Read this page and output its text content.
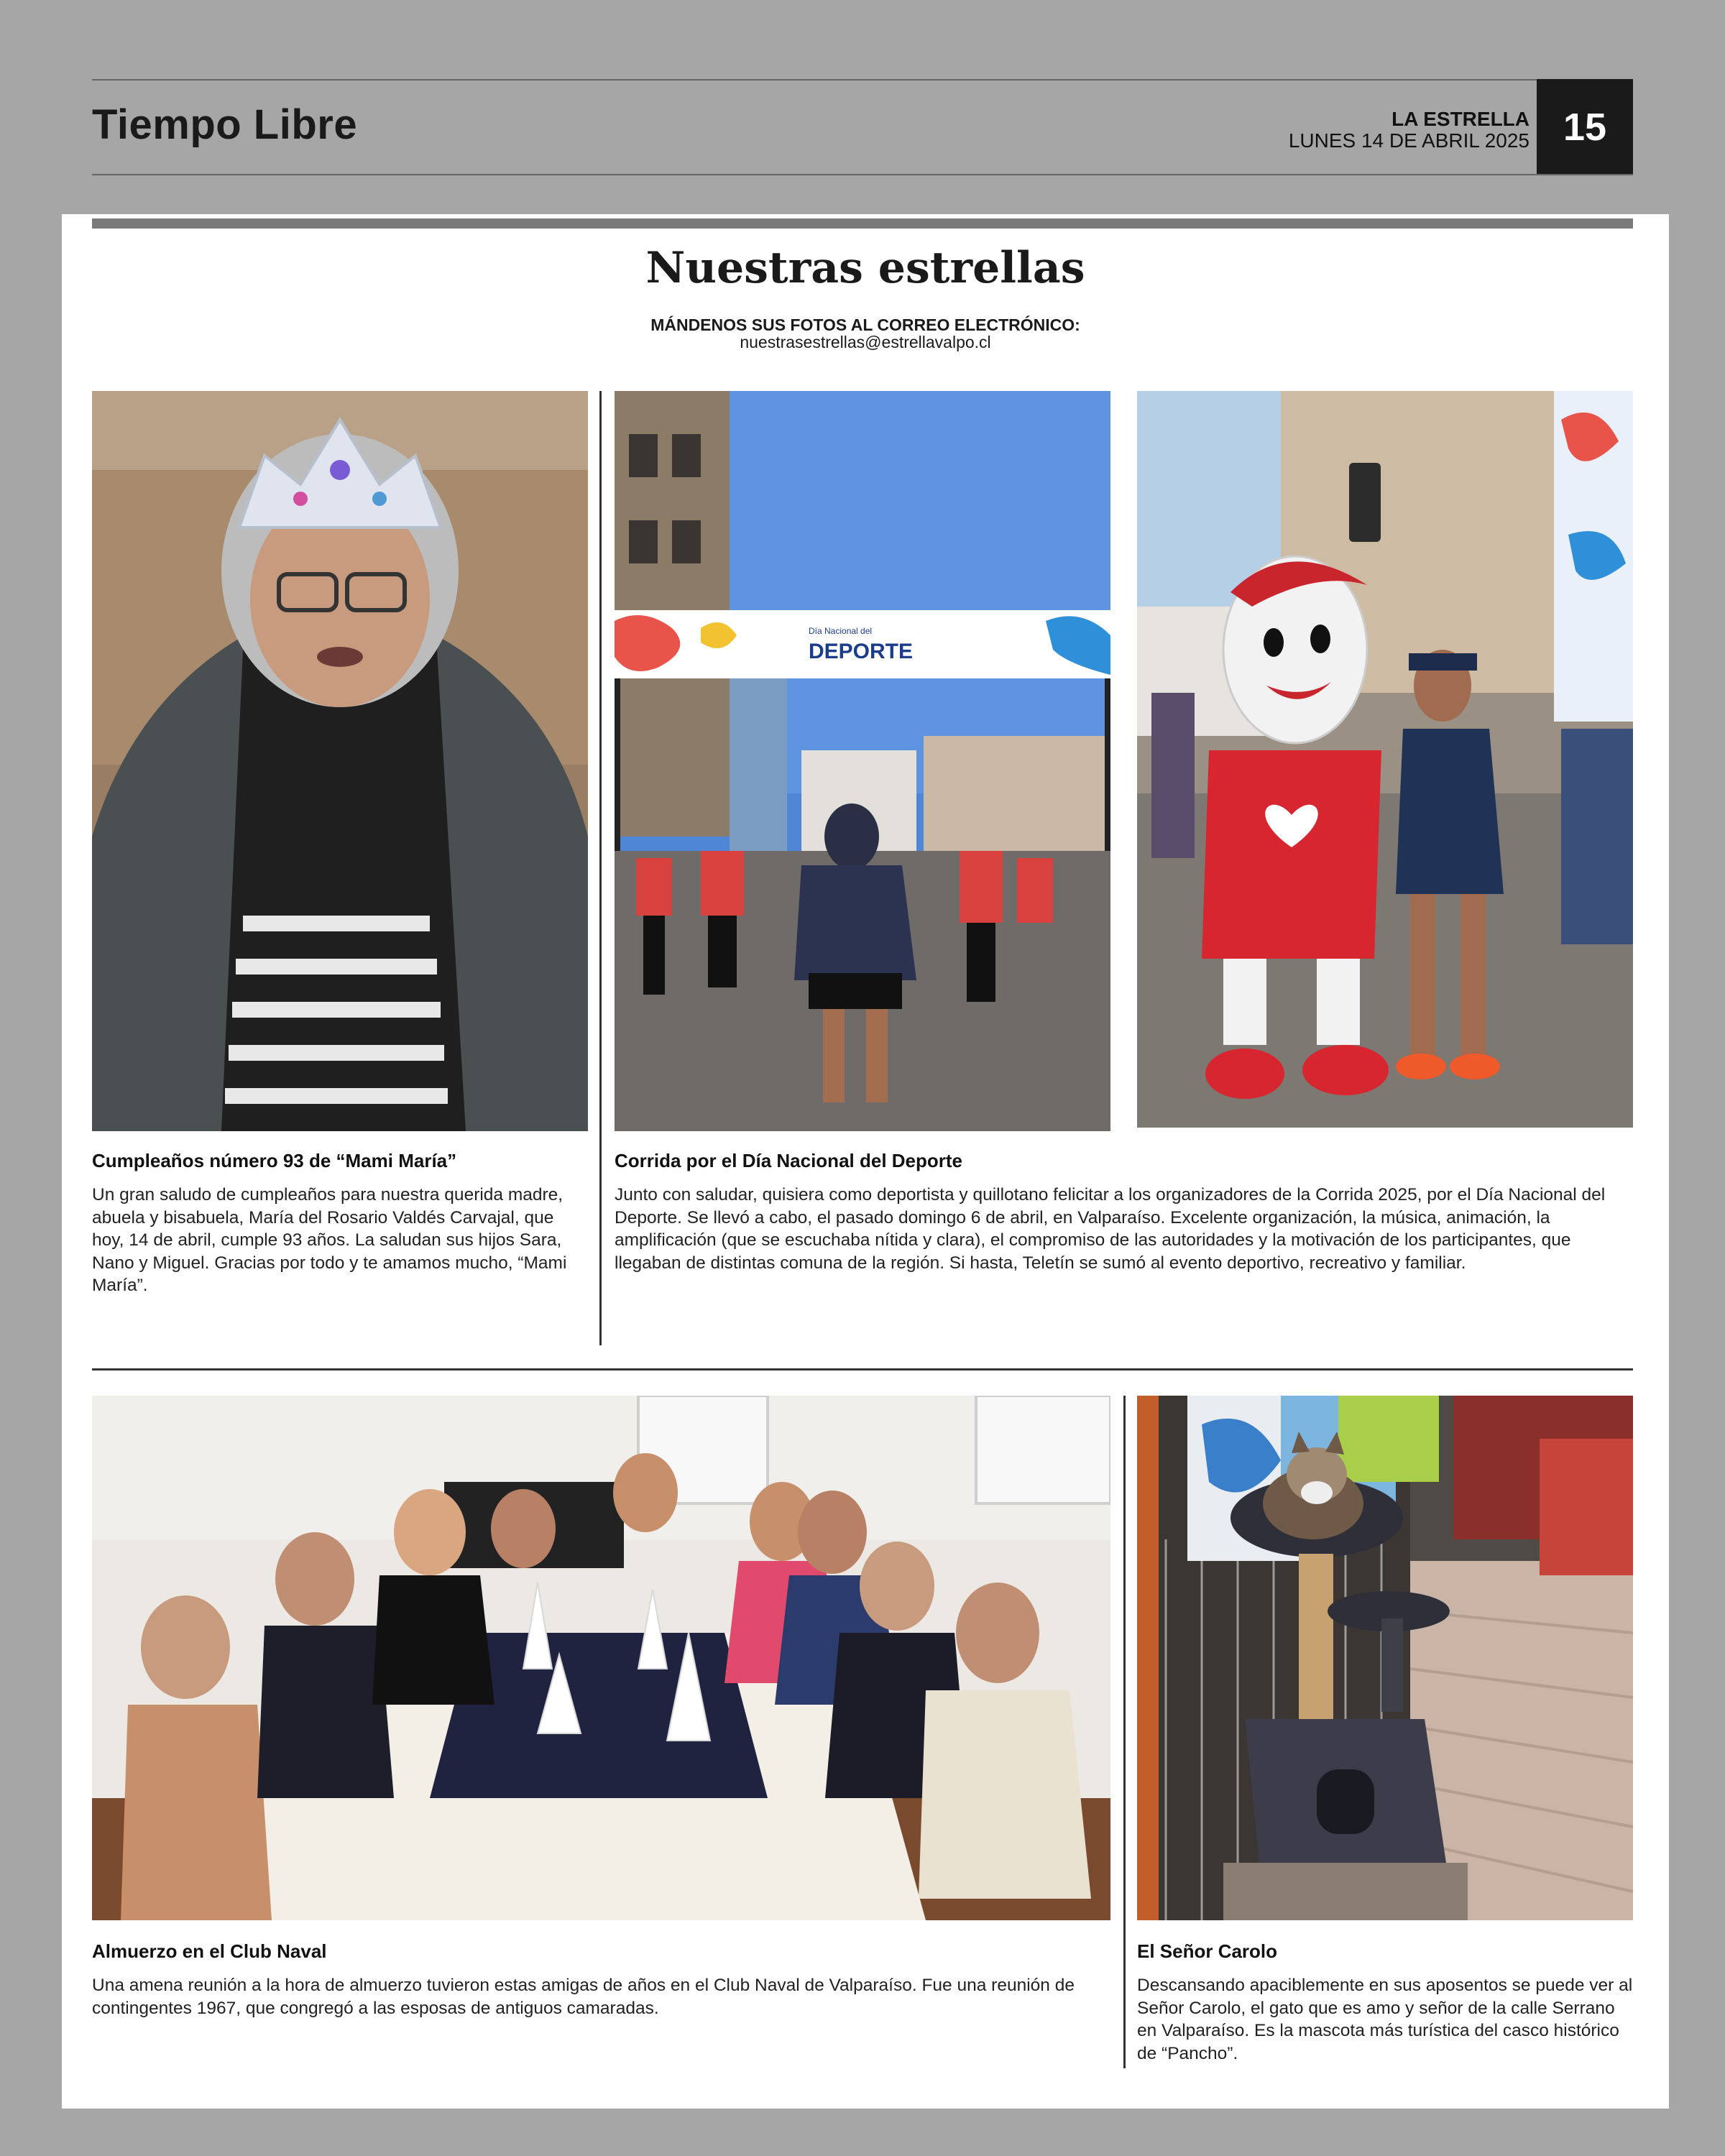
Tiempo Libre	LA ESTRELLA
LUNES 14 DE ABRIL 2025 15
Nuestras estrellas
MÁNDENOS SUS FOTOS AL CORREO ELECTRÓNICO:
nuestrasestrellas@estrellavalpo.cl
Día Nacional del
DEPORTE
Cumpleaños número 93 de “Mami María”
Un gran saludo de cumpleaños para nuestra querida madre, abuela y bisabuela, María del Rosario Valdés Carvajal, que hoy, 14 de abril, cumple 93 años. La saludan sus hijos Sara, Nano y Miguel. Gracias por todo y te amamos mucho, “Mami María”.
Corrida por el Día Nacional del Deporte
Junto con saludar, quisiera como deportista y quillotano felicitar a los organizadores de la Corrida 2025, por el Día Nacional del Deporte. Se llevó a cabo, el pasado domingo 6 de abril, en Valparaíso. Excelente organización, la música, animación, la amplificación (que se escuchaba nítida y clara), el compromiso de las autoridades y la motivación de los participantes, que llegaban de distintas comuna de la región. Si hasta, Teletín se sumó al evento deportivo, recreativo y familiar.
Almuerzo en el Club Naval
Una amena reunión a la hora de almuerzo tuvieron estas amigas de años en el Club Naval de Valparaíso. Fue una reunión de contingentes 1967, que congregó a las esposas de antiguos camaradas.
El Señor Carolo
Descansando apaciblemente en sus aposentos se puede ver al Señor Carolo, el gato que es amo y señor de la calle Serrano en Valparaíso. Es la mascota más turística del casco histórico de “Pancho”.
